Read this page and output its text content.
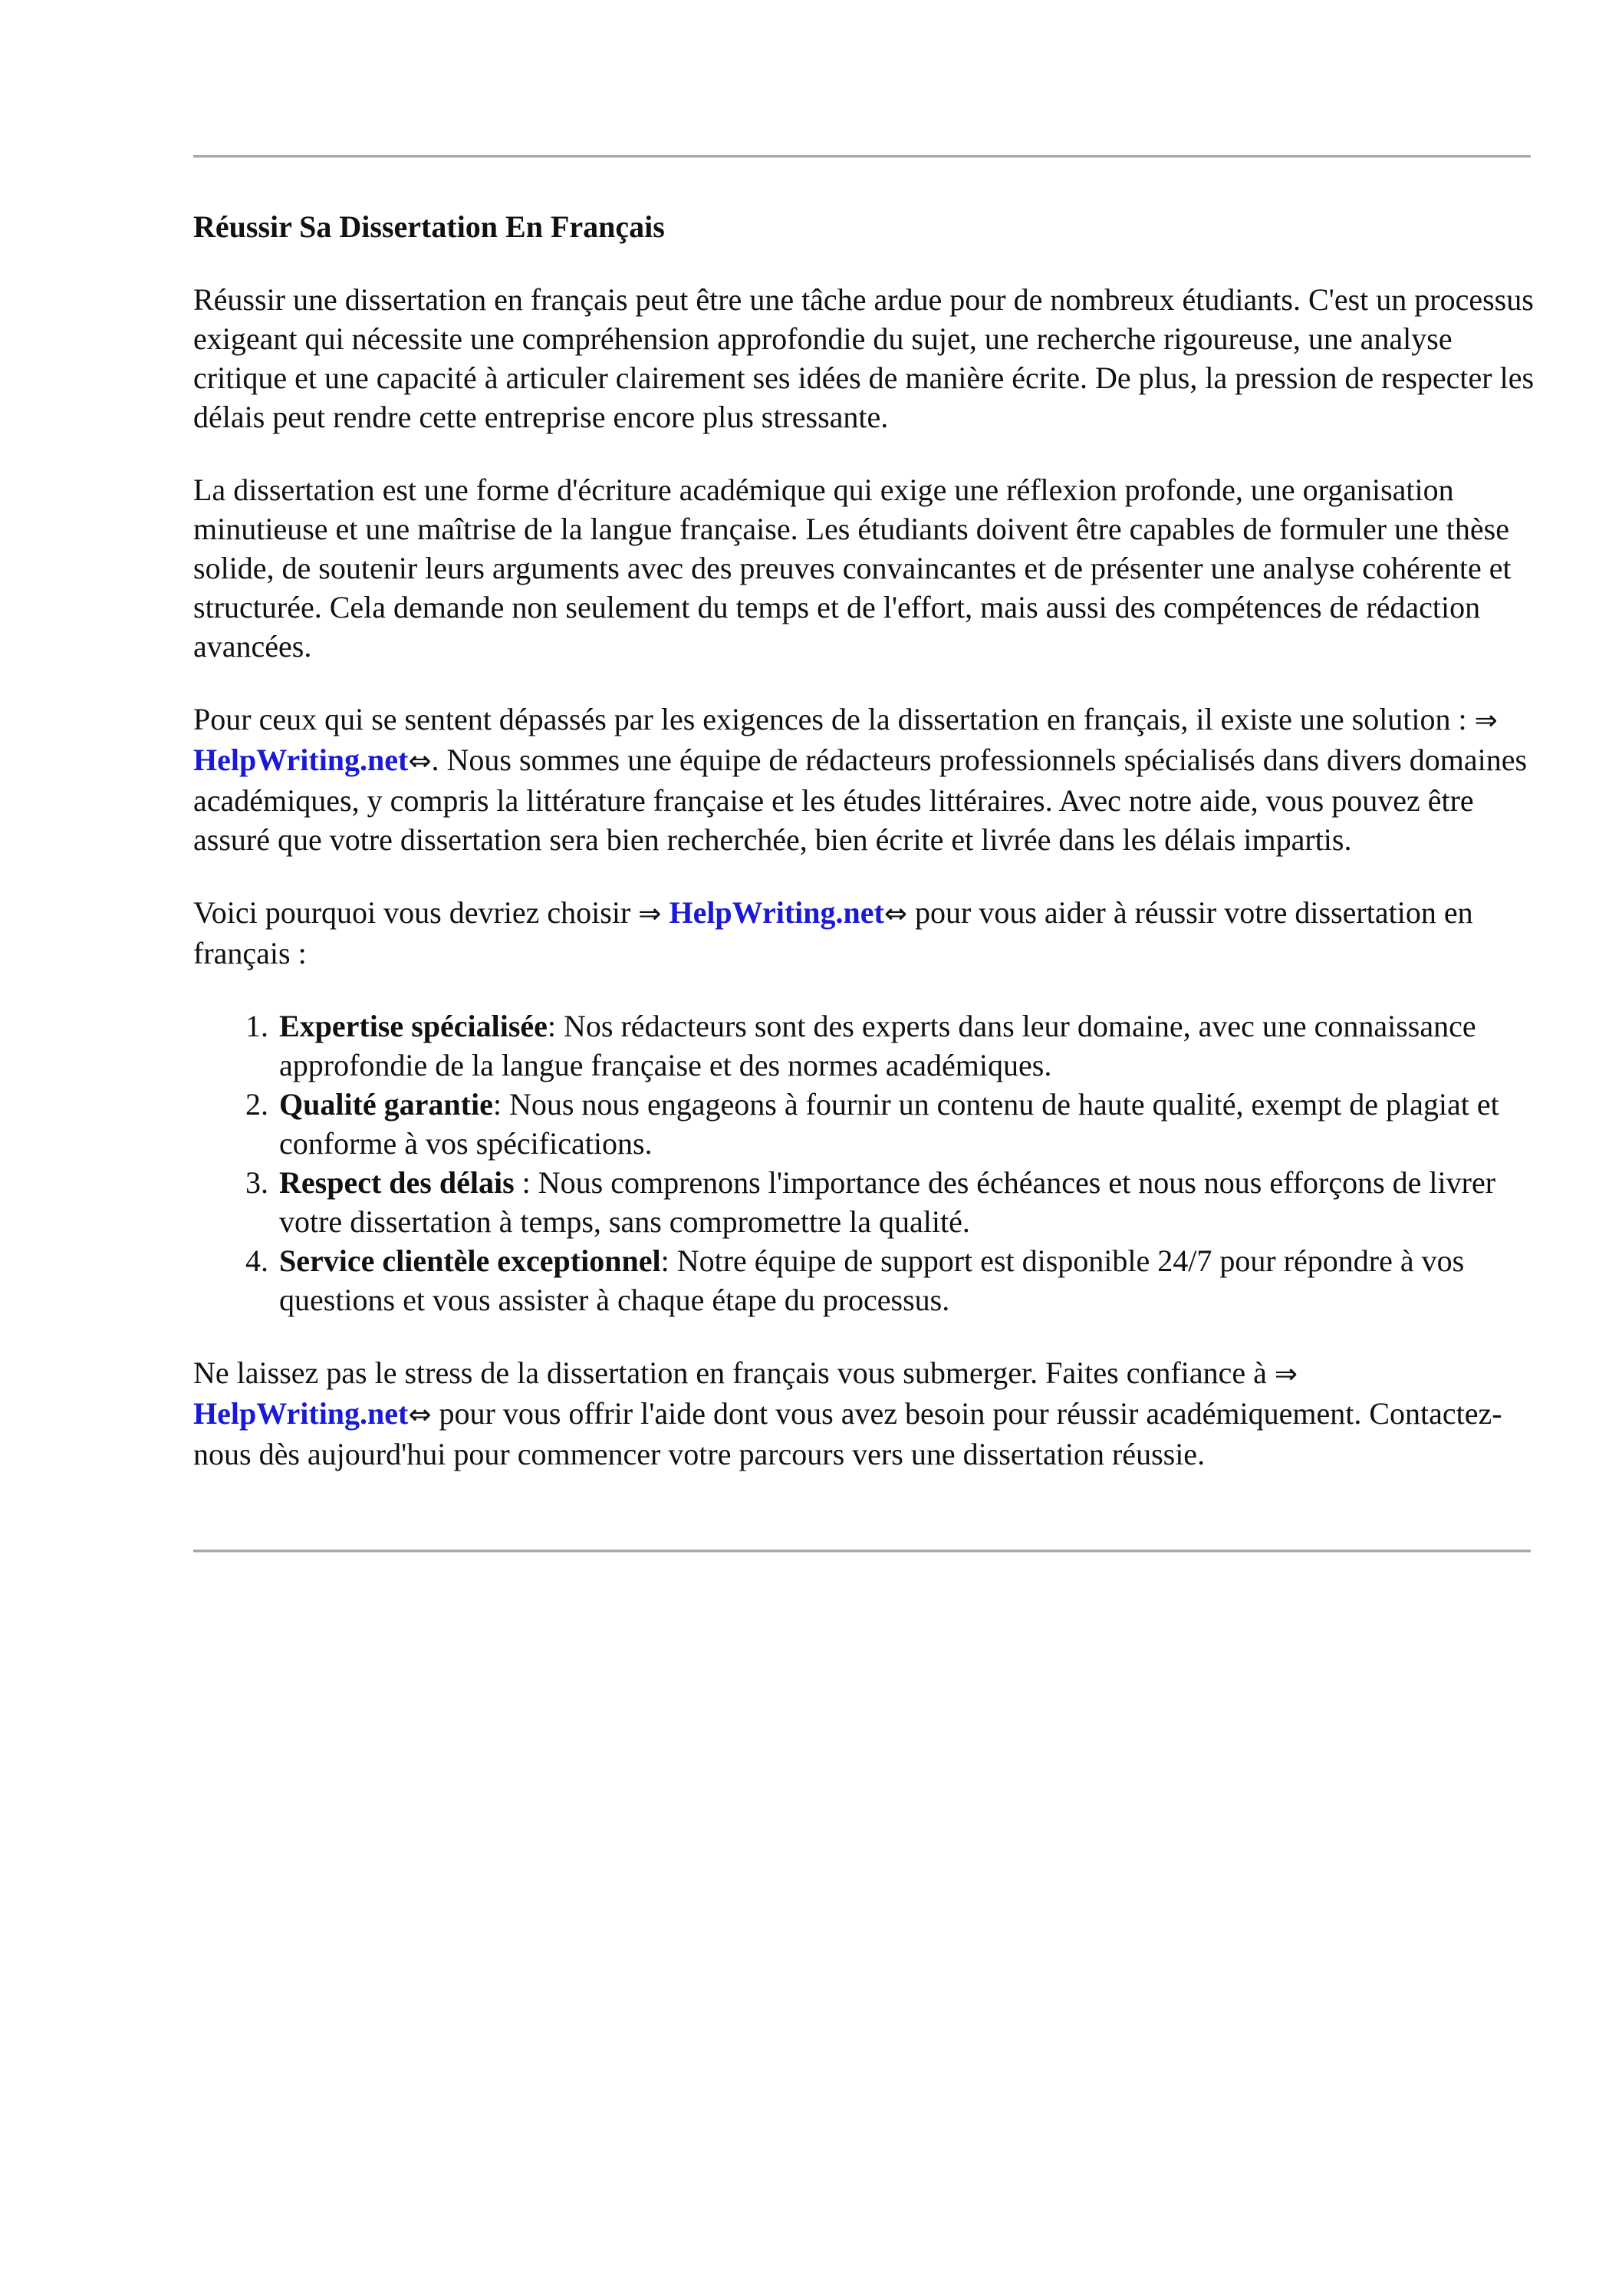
Réussir Sa Dissertation En Français

Réussir une dissertation en français peut être une tâche ardue pour de nombreux étudiants. C'est un processus exigeant qui nécessite une compréhension approfondie du sujet, une recherche rigoureuse, une analyse critique et une capacité à articuler clairement ses idées de manière écrite. De plus, la pression de respecter les délais peut rendre cette entreprise encore plus stressante.

La dissertation est une forme d'écriture académique qui exige une réflexion profonde, une organisation minutieuse et une maîtrise de la langue française. Les étudiants doivent être capables de formuler une thèse solide, de soutenir leurs arguments avec des preuves convaincantes et de présenter une analyse cohérente et structurée. Cela demande non seulement du temps et de l'effort, mais aussi des compétences de rédaction avancées.

Pour ceux qui se sentent dépassés par les exigences de la dissertation en français, il existe une solution : ⇒ HelpWriting.net⇔. Nous sommes une équipe de rédacteurs professionnels spécialisés dans divers domaines académiques, y compris la littérature française et les études littéraires. Avec notre aide, vous pouvez être assuré que votre dissertation sera bien recherchée, bien écrite et livrée dans les délais impartis.

Voici pourquoi vous devriez choisir ⇒ HelpWriting.net⇔ pour vous aider à réussir votre dissertation en français :

1. Expertise spécialisée: Nos rédacteurs sont des experts dans leur domaine, avec une connaissance approfondie de la langue française et des normes académiques.
2. Qualité garantie: Nous nous engageons à fournir un contenu de haute qualité, exempt de plagiat et conforme à vos spécifications.
3. Respect des délais : Nous comprenons l'importance des échéances et nous nous efforçons de livrer votre dissertation à temps, sans compromettre la qualité.
4. Service clientèle exceptionnel: Notre équipe de support est disponible 24/7 pour répondre à vos questions et vous assister à chaque étape du processus.

Ne laissez pas le stress de la dissertation en français vous submerger. Faites confiance à ⇒ HelpWriting.net⇔ pour vous offrir l'aide dont vous avez besoin pour réussir académiquement. Contactez-nous dès aujourd'hui pour commencer votre parcours vers une dissertation réussie.
